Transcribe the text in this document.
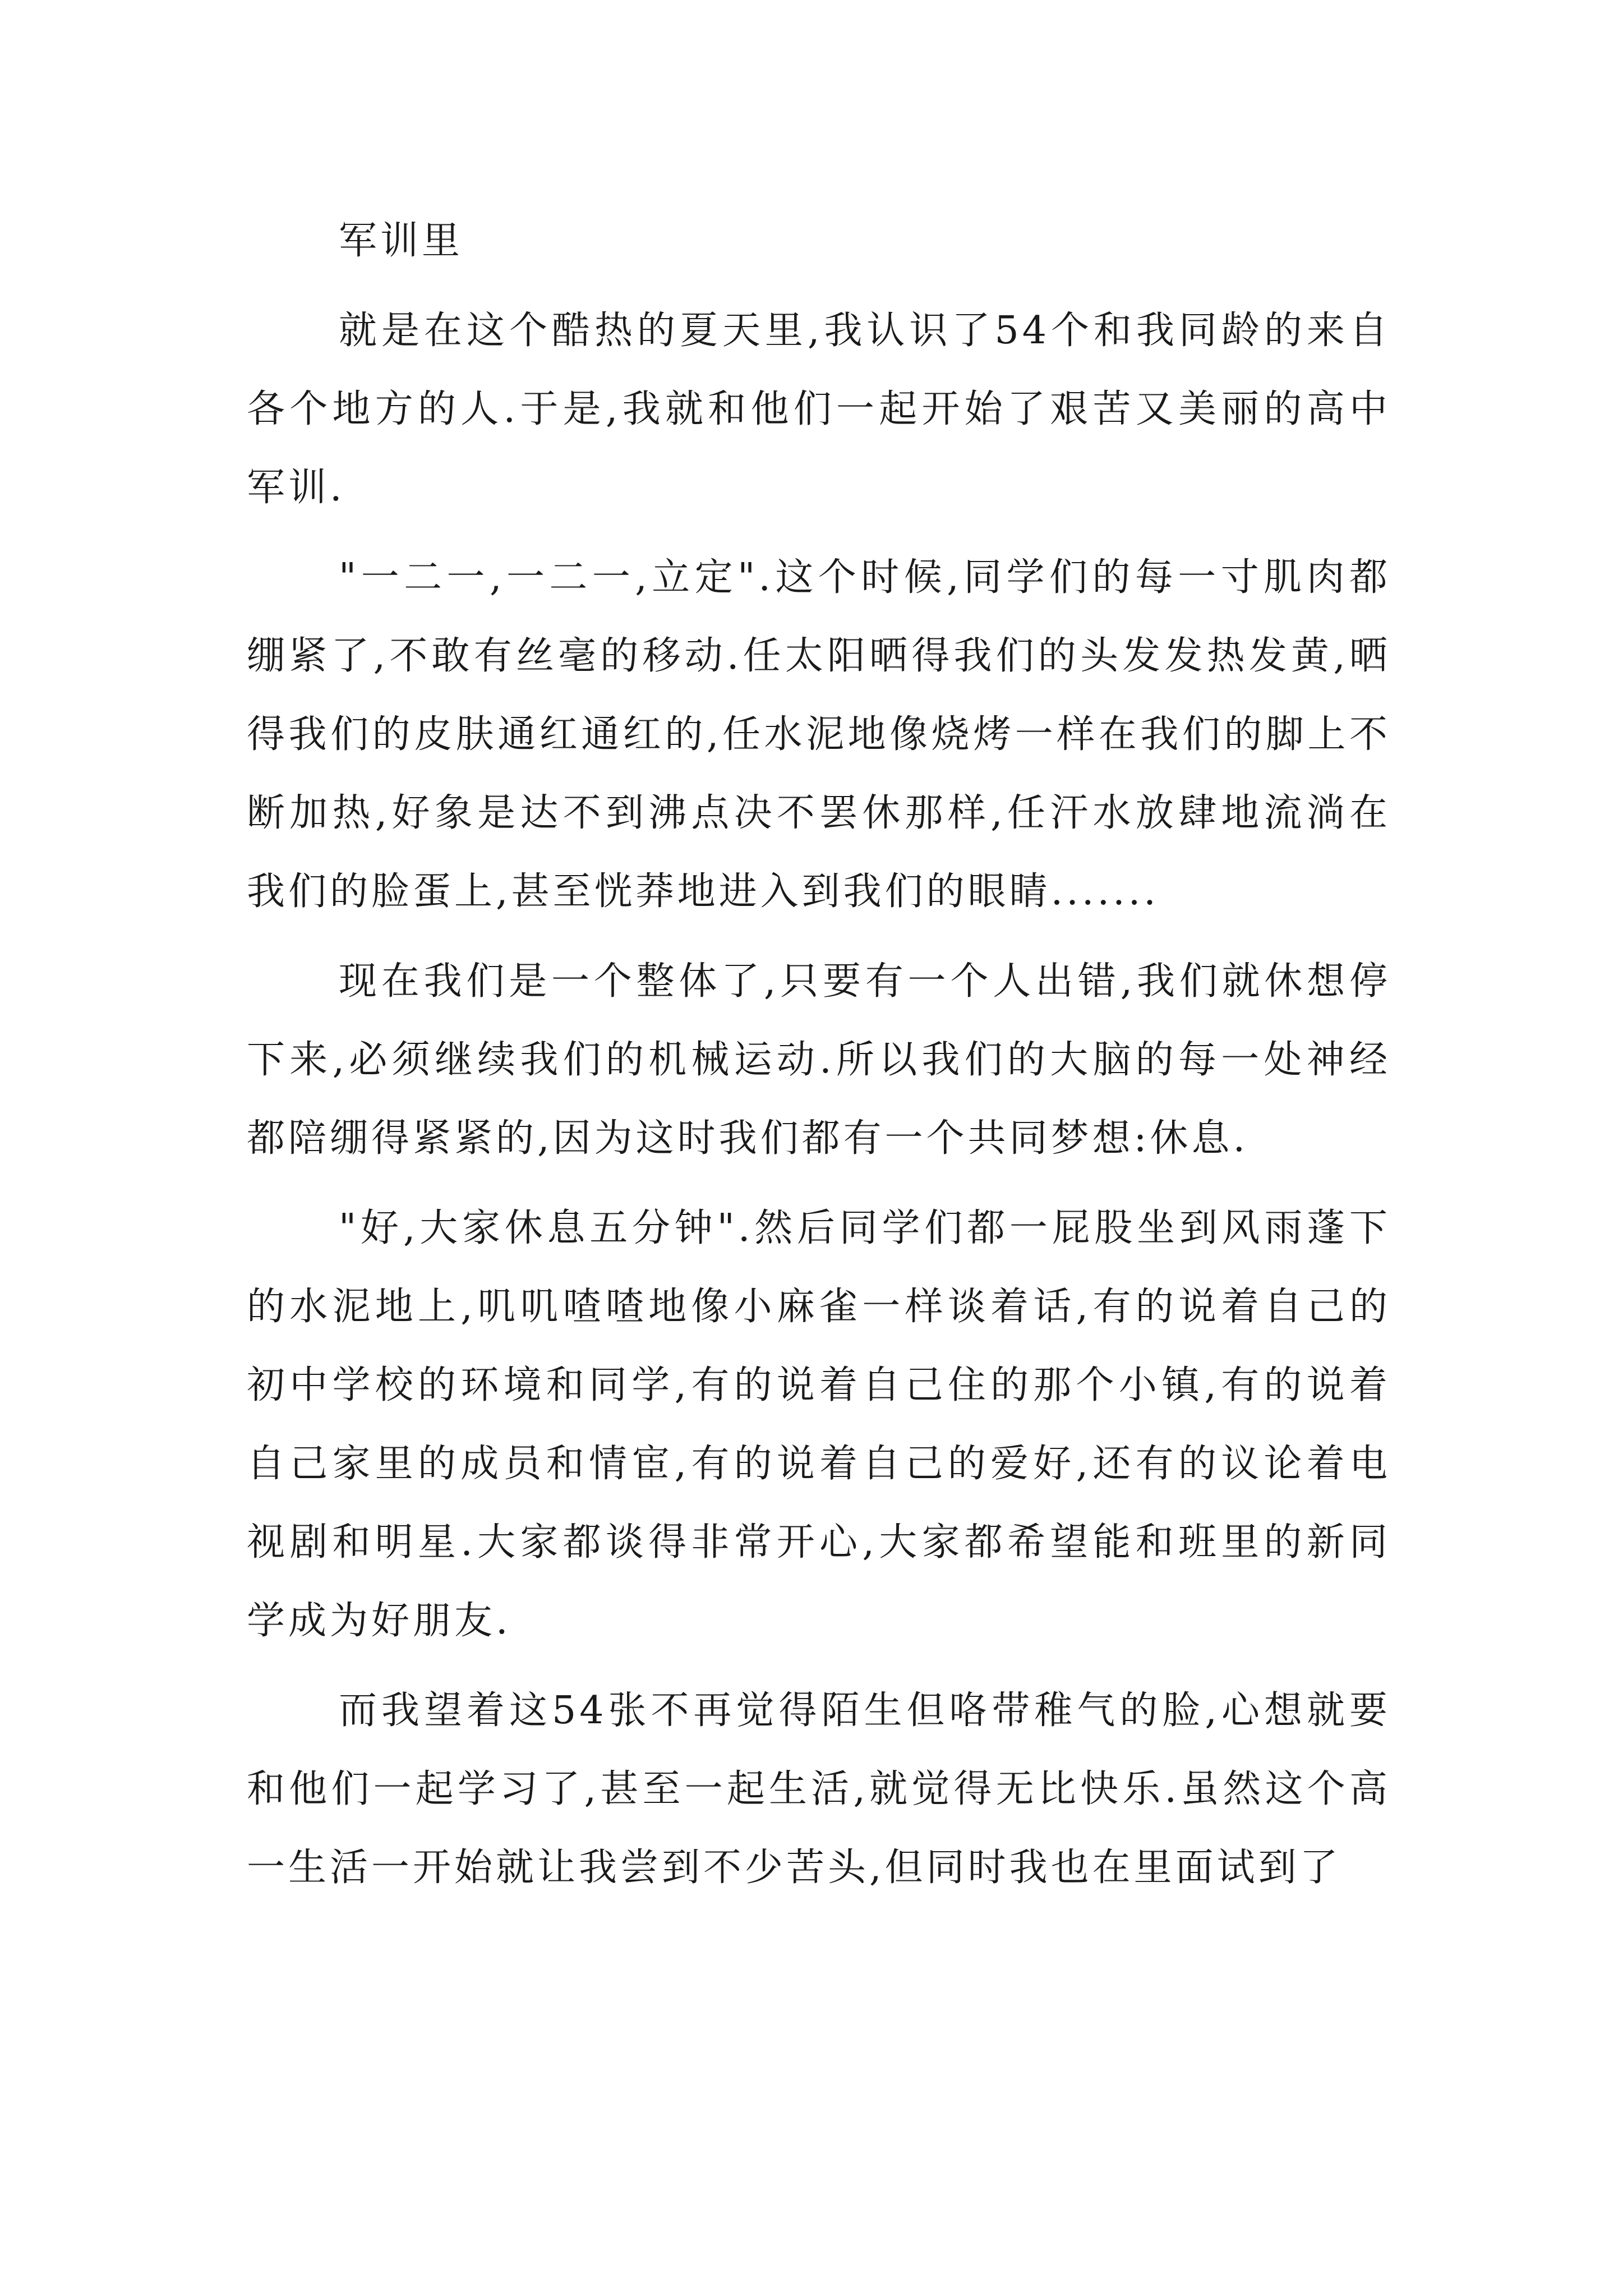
军训里

就是在这个酷热的夏天里,我认识了54个和我同龄的来自各个地方的人.于是,我就和他们一起开始了艰苦又美丽的高中军训.

"一二一,一二一,立定".这个时候,同学们的每一寸肌肉都绷紧了,不敢有丝毫的移动.任太阳晒得我们的头发发热发黄,晒得我们的皮肤通红通红的,任水泥地像烧烤一样在我们的脚上不断加热,好象是达不到沸点决不罢休那样,任汗水放肆地流淌在我们的脸蛋上,甚至恍莽地进入到我们的眼睛.......

现在我们是一个整体了,只要有一个人出错,我们就休想停下来,必须继续我们的机械运动.所以我们的大脑的每一处神经都陪绷得紧紧的,因为这时我们都有一个共同梦想:休息.

"好,大家休息五分钟".然后同学们都一屁股坐到风雨蓬下的水泥地上,叽叽喳喳地像小麻雀一样谈着话,有的说着自己的初中学校的环境和同学,有的说着自己住的那个小镇,有的说着自己家里的成员和情宦,有的说着自己的爱好,还有的议论着电视剧和明星.大家都谈得非常开心,大家都希望能和班里的新同学成为好朋友.

而我望着这54张不再觉得陌生但咯带稚气的脸,心想就要和他们一起学习了,甚至一起生活,就觉得无比快乐.虽然这个高一生活一开始就让我尝到不少苦头,但同时我也在里面试到了
